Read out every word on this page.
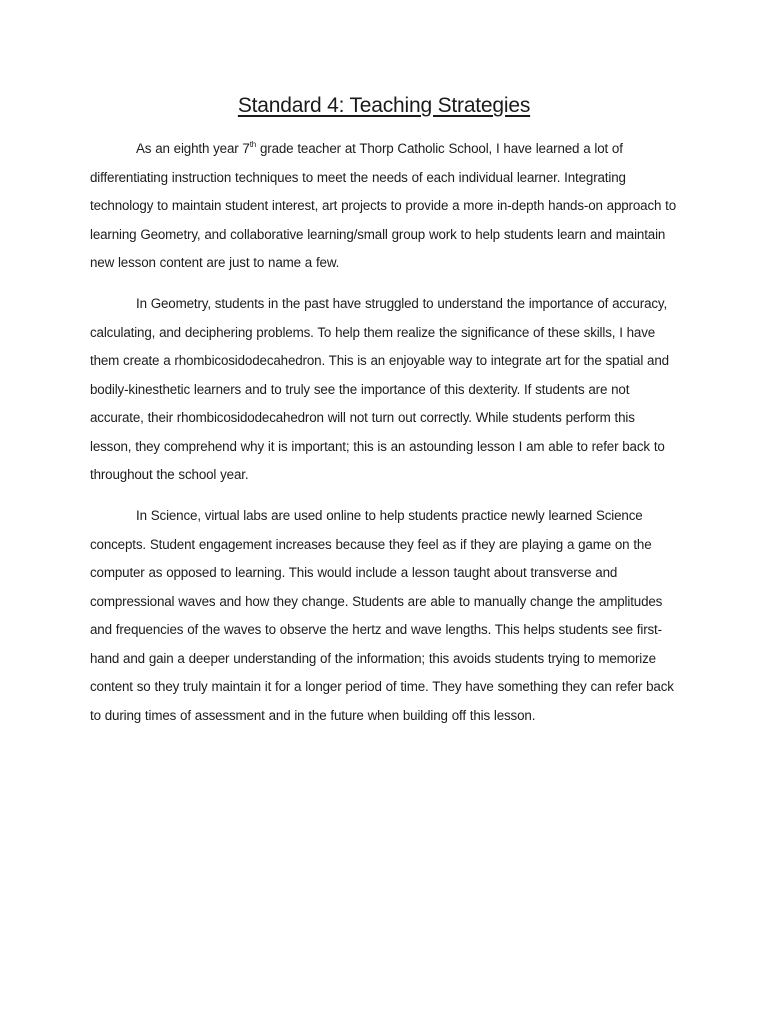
Standard 4: Teaching Strategies

As an eighth year 7th grade teacher at Thorp Catholic School, I have learned a lot of differentiating instruction techniques to meet the needs of each individual learner. Integrating technology to maintain student interest, art projects to provide a more in-depth hands-on approach to learning Geometry, and collaborative learning/small group work to help students learn and maintain new lesson content are just to name a few.

In Geometry, students in the past have struggled to understand the importance of accuracy, calculating, and deciphering problems. To help them realize the significance of these skills, I have them create a rhombicosidodecahedron. This is an enjoyable way to integrate art for the spatial and bodily-kinesthetic learners and to truly see the importance of this dexterity. If students are not accurate, their rhombicosidodecahedron will not turn out correctly. While students perform this lesson, they comprehend why it is important; this is an astounding lesson I am able to refer back to throughout the school year.

In Science, virtual labs are used online to help students practice newly learned Science concepts. Student engagement increases because they feel as if they are playing a game on the computer as opposed to learning. This would include a lesson taught about transverse and compressional waves and how they change. Students are able to manually change the amplitudes and frequencies of the waves to observe the hertz and wave lengths. This helps students see first-hand and gain a deeper understanding of the information; this avoids students trying to memorize content so they truly maintain it for a longer period of time. They have something they can refer back to during times of assessment and in the future when building off this lesson.
